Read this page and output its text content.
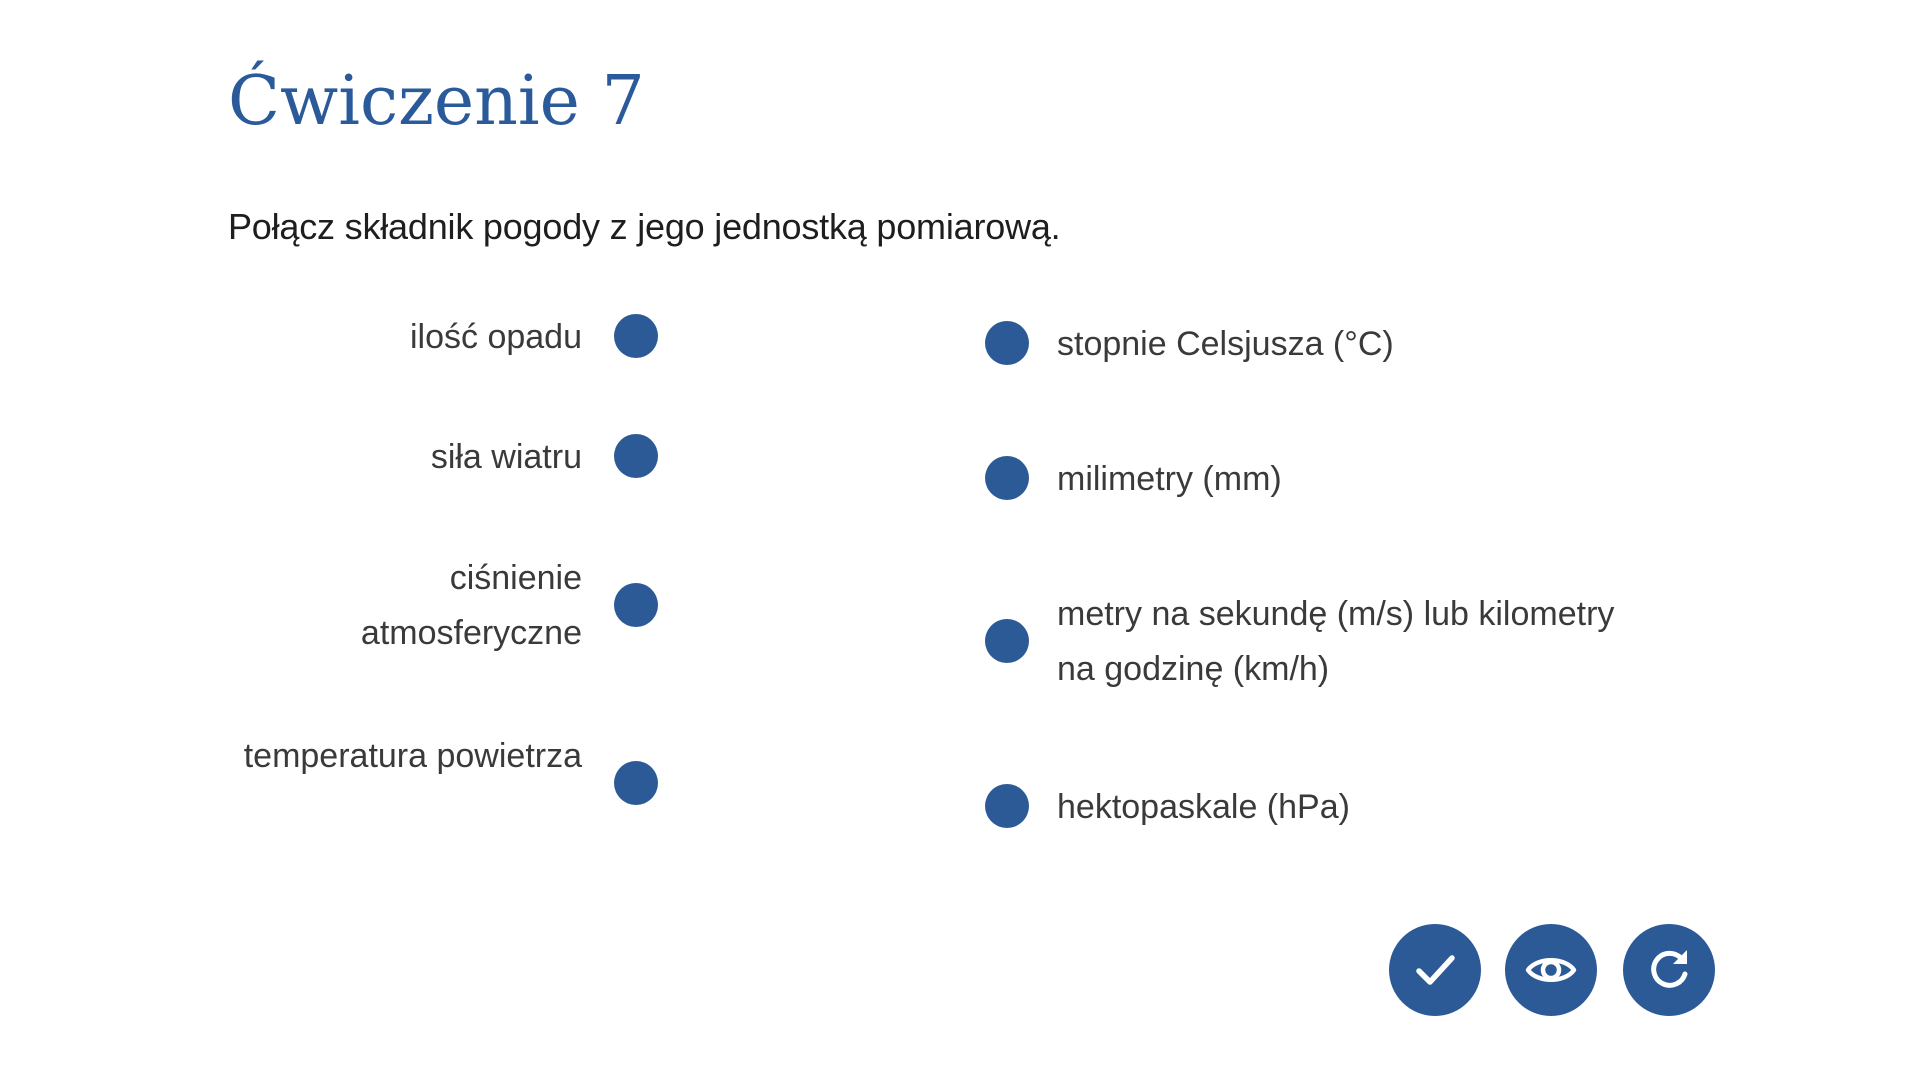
Ćwiczenie 7

Połącz składnik pogody z jego jednostką pomiarową.

ilość opadu
siła wiatru
ciśnienie atmosferyczne
temperatura powietrza
stopnie Celsjusza (°C)
milimetry (mm)
metry na sekundę (m/s) lub kilometry na godzinę (km/h)
hektopaskale (hPa)
